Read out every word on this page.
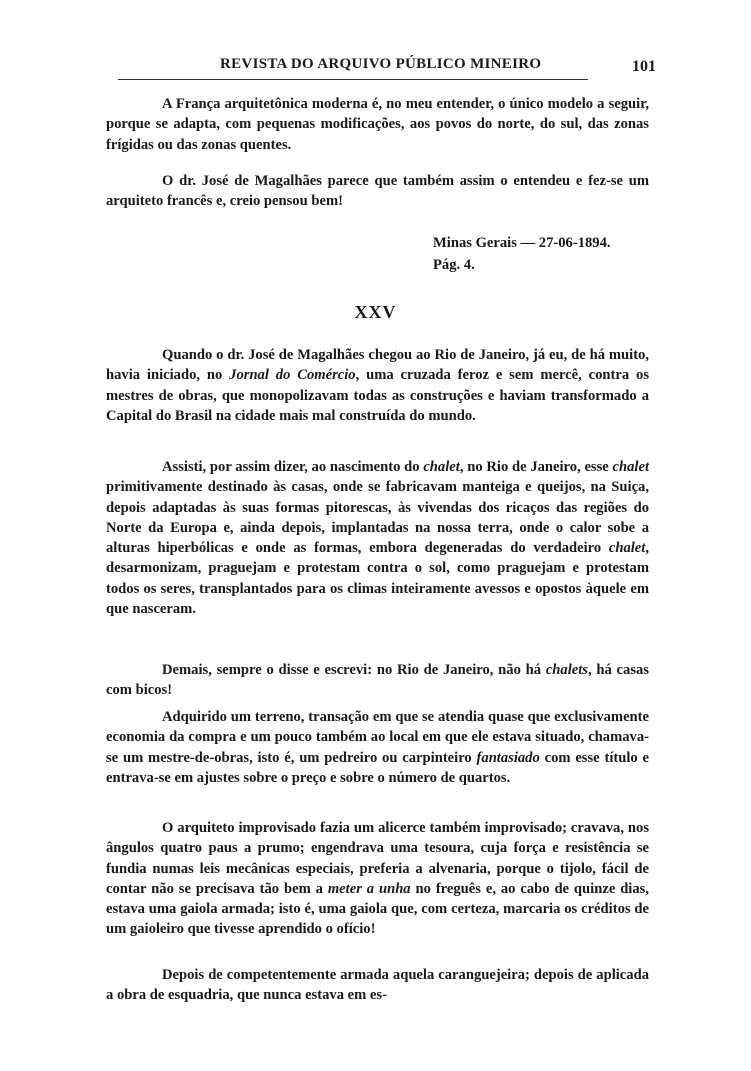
REVISTA DO ARQUIVO PÚBLICO MINEIRO	101

A França arquitetônica moderna é, no meu entender, o único modelo a seguir, porque se adapta, com pequenas modificações, aos povos do norte, do sul, das zonas frígidas ou das zonas quentes.

O dr. José de Magalhães parece que também assim o entendeu e fez-se um arquiteto francês e, creio pensou bem!

Minas Gerais — 27-06-1894.
Pág. 4.
XXV

Quando o dr. José de Magalhães chegou ao Rio de Janeiro, já eu, de há muito, havia iniciado, no Jornal do Comércio, uma cruzada feroz e sem mercê, contra os mestres de obras, que monopolizavam todas as construções e haviam transformado a Capital do Brasil na cidade mais mal construída do mundo.

Assisti, por assim dizer, ao nascimento do chalet, no Rio de Janeiro, esse chalet primitivamente destinado às casas, onde se fabricavam manteiga e queijos, na Suiça, depois adaptadas às suas formas pitorescas, às vivendas dos ricaços das regiões do Norte da Europa e, ainda depois, implantadas na nossa terra, onde o calor sobe a alturas hiperbólicas e onde as formas, embora degeneradas do verdadeiro chalet, desarmonizam, praguejam e protestam contra o sol, como praguejam e protestam todos os seres, transplantados para os climas inteiramente avessos e opostos àquele em que nasceram.

Demais, sempre o disse e escrevi: no Rio de Janeiro, não há chalets, há casas com bicos!

Adquirido um terreno, transação em que se atendia quase que exclusivamente economia da compra e um pouco também ao local em que ele estava situado, chamava-se um mestre-de-obras, isto é, um pedreiro ou carpinteiro fantasiado com esse título e entrava-se em ajustes sobre o preço e sobre o número de quartos.

O arquiteto improvisado fazia um alicerce também improvisado; cravava, nos ângulos quatro paus a prumo; engendrava uma tesoura, cuja força e resistência se fundia numas leis mecânicas especiais, preferia a alvenaria, porque o tijolo, fácil de contar não se precisava tão bem a meter a unha no freguês e, ao cabo de quinze dias, estava uma gaiola armada; isto é, uma gaiola que, com certeza, marcaria os créditos de um gaioleiro que tivesse aprendido o ofício!

Depois de competentemente armada aquela caranguejeira; depois de aplicada a obra de esquadria, que nunca estava em es-
